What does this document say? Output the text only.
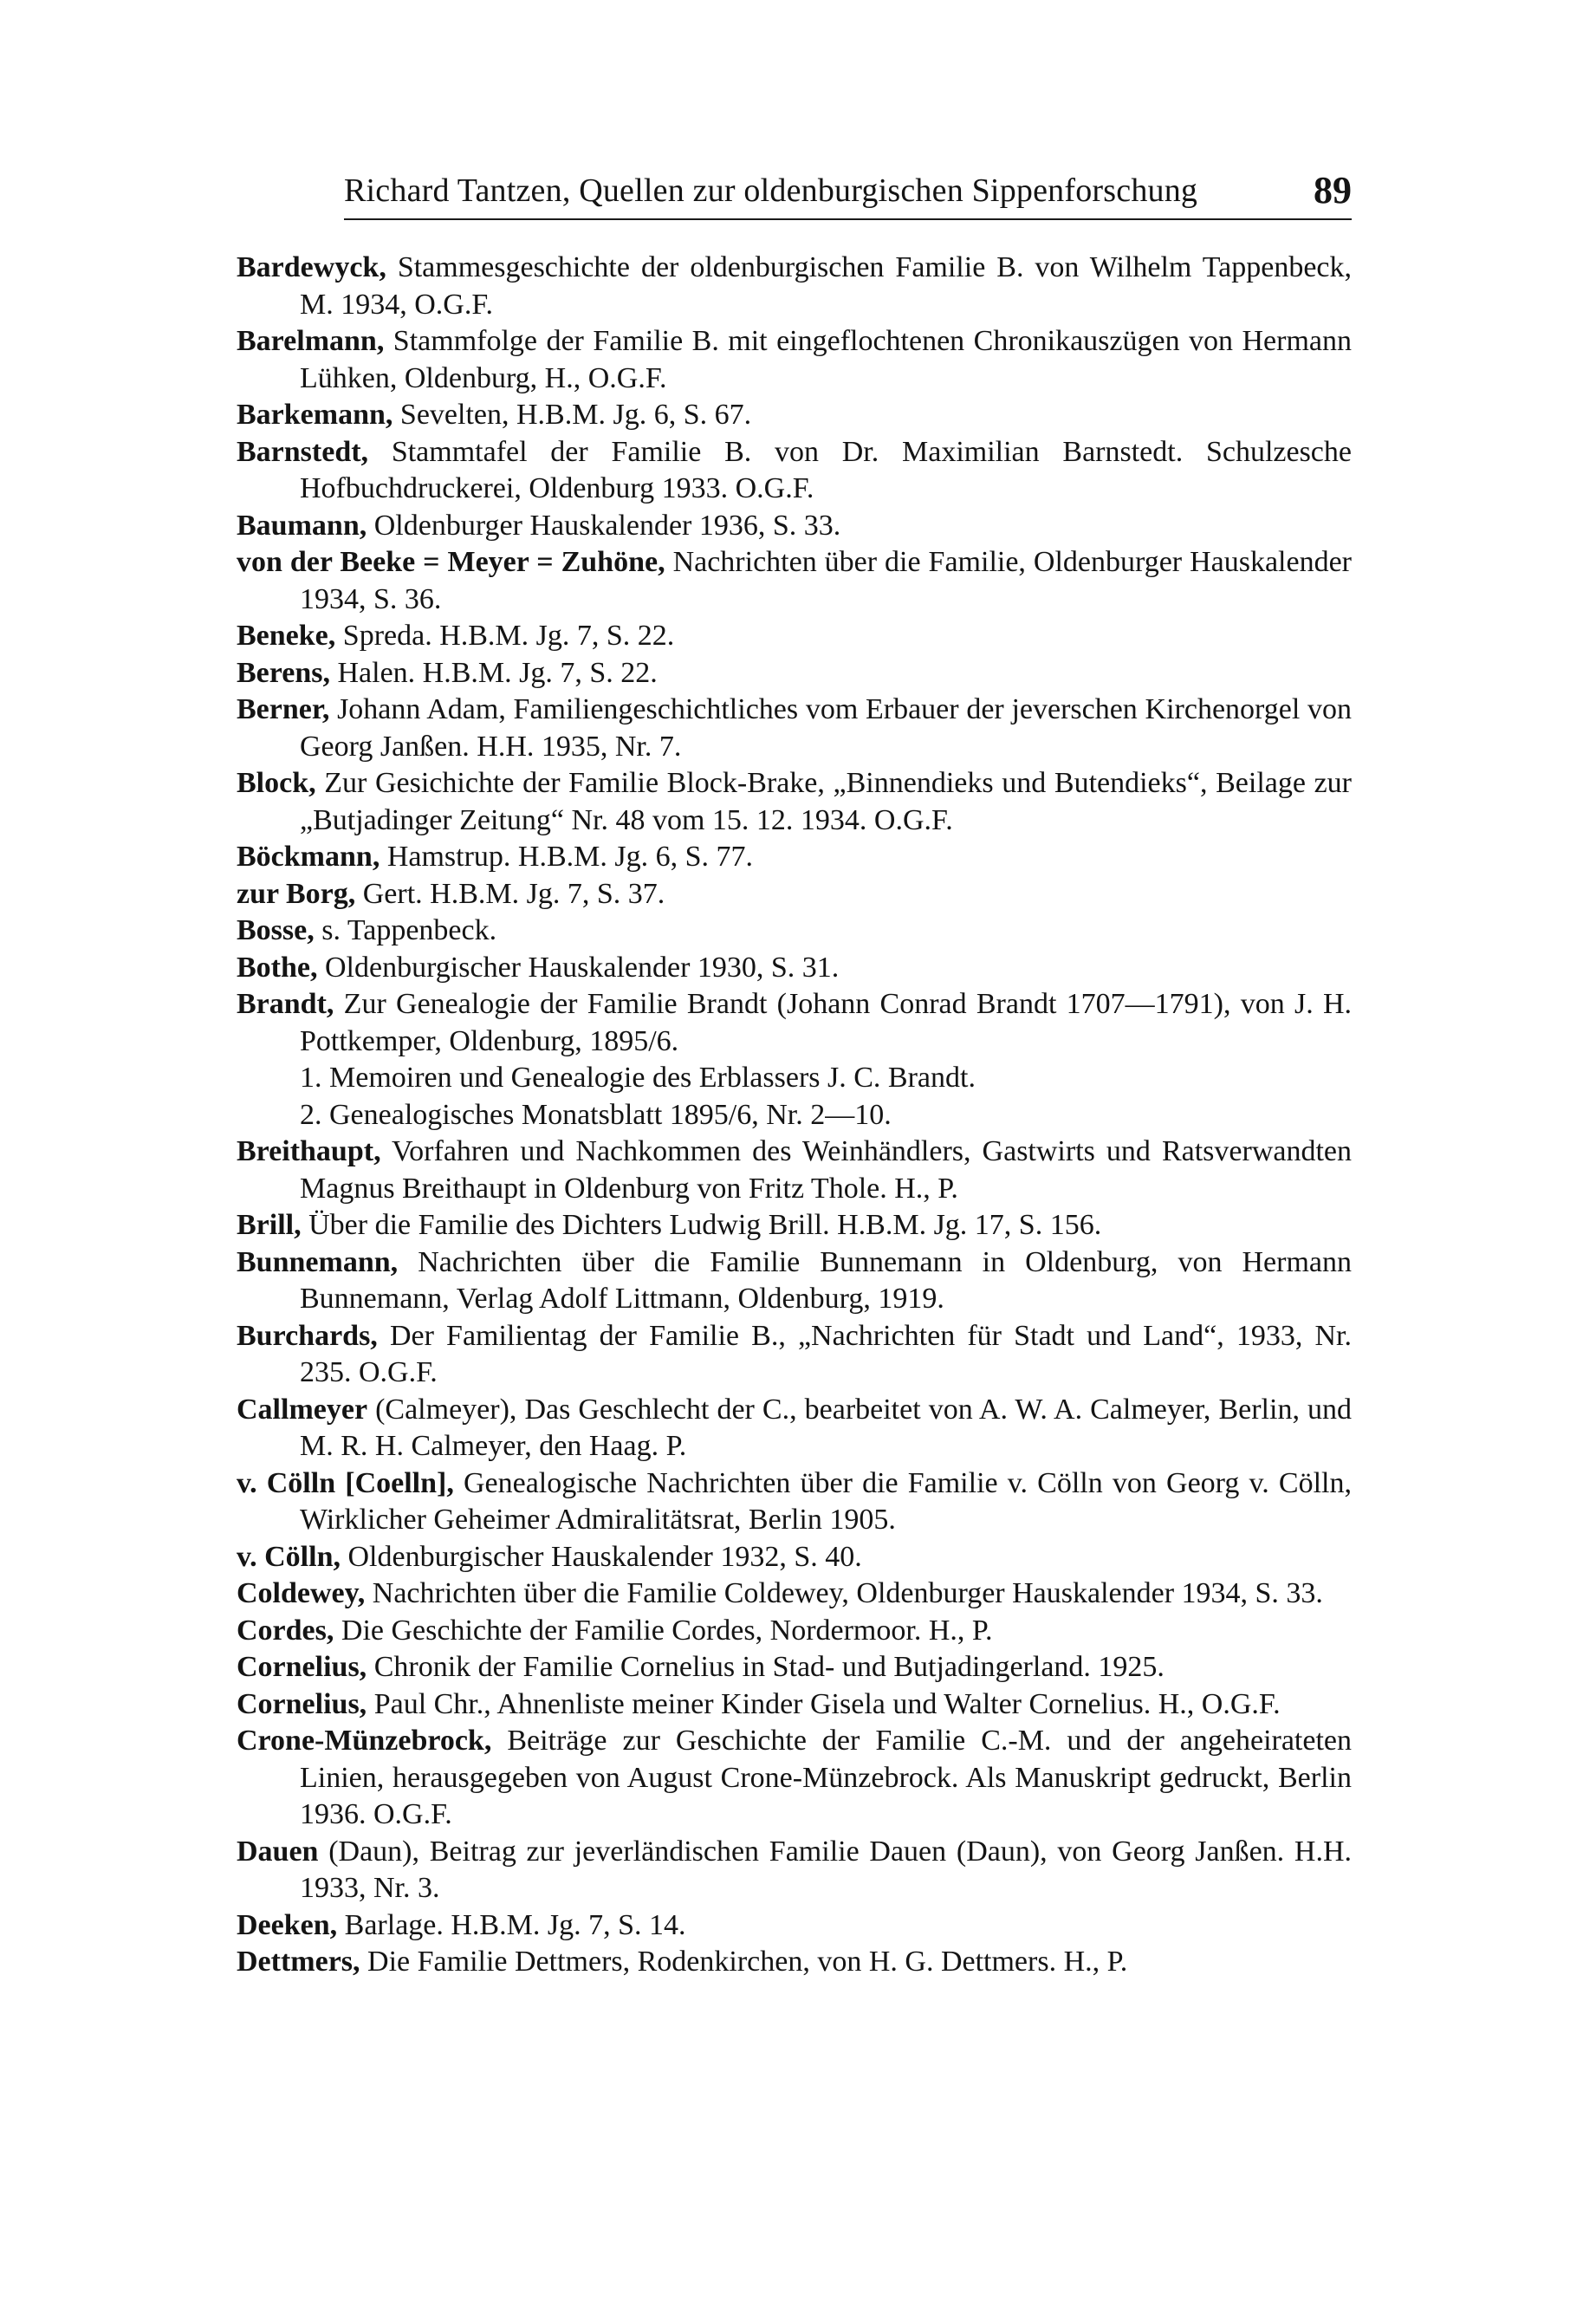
Richard Tantzen, Quellen zur oldenburgischen Sippenforschung	89

Bardewyck, Stammesgeschichte der oldenburgischen Familie B. von Wilhelm Tappenbeck, M. 1934, O.G.F.

Barelmann, Stammfolge der Familie B. mit eingeflochtenen Chronikauszügen von Hermann Lühken, Oldenburg, H., O.G.F.

Barkemann, Sevelten, H.B.M. Jg. 6, S. 67.

Barnstedt, Stammtafel der Familie B. von Dr. Maximilian Barnstedt. Schulzesche Hofbuchdruckerei, Oldenburg 1933. O.G.F.

Baumann, Oldenburger Hauskalender 1936, S. 33.

von der Beeke = Meyer = Zuhöne, Nachrichten über die Familie, Oldenburger Hauskalender 1934, S. 36.

Beneke, Spreda. H.B.M. Jg. 7, S. 22.

Berens, Halen. H.B.M. Jg. 7, S. 22.

Berner, Johann Adam, Familiengeschichtliches vom Erbauer der jeverschen Kirchenorgel von Georg Janßen. H.H. 1935, Nr. 7.

Block, Zur Gesichichte der Familie Block-Brake, „Binnendieks und Butendieks“, Beilage zur „Butjadinger Zeitung“ Nr. 48 vom 15. 12. 1934. O.G.F.

Böckmann, Hamstrup. H.B.M. Jg. 6, S. 77.

zur Borg, Gert. H.B.M. Jg. 7, S. 37.

Bosse, s. Tappenbeck.

Bothe, Oldenburgischer Hauskalender 1930, S. 31.

Brandt, Zur Genealogie der Familie Brandt (Johann Conrad Brandt 1707—1791), von J. H. Pottkemper, Oldenburg, 1895/6.
1. Memoiren und Genealogie des Erblassers J. C. Brandt.
2. Genealogisches Monatsblatt 1895/6, Nr. 2—10.

Breithaupt, Vorfahren und Nachkommen des Weinhändlers, Gastwirts und Ratsverwandten Magnus Breithaupt in Oldenburg von Fritz Thole. H., P.

Brill, Über die Familie des Dichters Ludwig Brill. H.B.M. Jg. 17, S. 156.

Bunnemann, Nachrichten über die Familie Bunnemann in Oldenburg, von Hermann Bunnemann, Verlag Adolf Littmann, Oldenburg, 1919.

Burchards, Der Familientag der Familie B., „Nachrichten für Stadt und Land“, 1933, Nr. 235. O.G.F.

Callmeyer (Calmeyer), Das Geschlecht der C., bearbeitet von A. W. A. Calmeyer, Berlin, und M. R. H. Calmeyer, den Haag. P.

v. Cölln [Coelln], Genealogische Nachrichten über die Familie v. Cölln von Georg v. Cölln, Wirklicher Geheimer Admiralitätsrat, Berlin 1905.

v. Cölln, Oldenburgischer Hauskalender 1932, S. 40.

Coldewey, Nachrichten über die Familie Coldewey, Oldenburger Hauskalender 1934, S. 33.

Cordes, Die Geschichte der Familie Cordes, Nordermoor. H., P.

Cornelius, Chronik der Familie Cornelius in Stad- und Butjadingerland. 1925.

Cornelius, Paul Chr., Ahnenliste meiner Kinder Gisela und Walter Cornelius. H., O.G.F.

Crone-Münzebrock, Beiträge zur Geschichte der Familie C.-M. und der angeheirateten Linien, herausgegeben von August Crone-Münzebrock. Als Manuskript gedruckt, Berlin 1936. O.G.F.

Dauen (Daun), Beitrag zur jeverländischen Familie Dauen (Daun), von Georg Janßen. H.H. 1933, Nr. 3.

Deeken, Barlage. H.B.M. Jg. 7, S. 14.

Dettmers, Die Familie Dettmers, Rodenkirchen, von H. G. Dettmers. H., P.
